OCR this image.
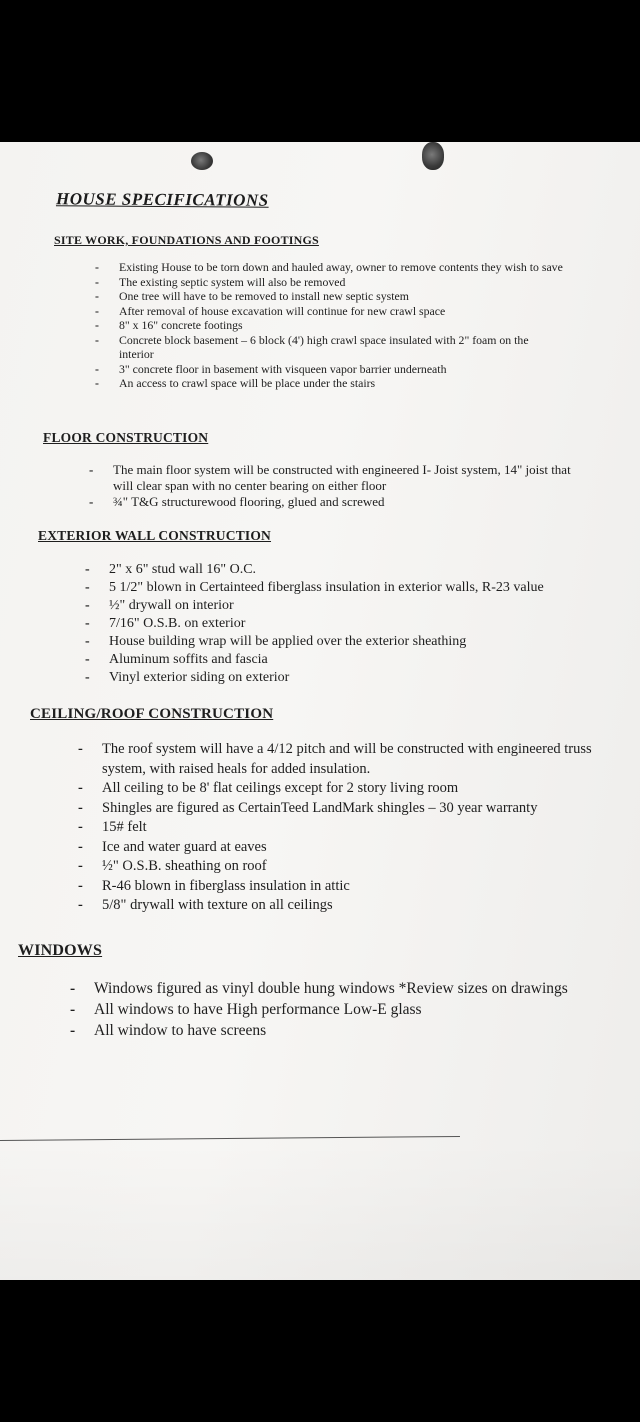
HOUSE SPECIFICATIONS
SITE WORK, FOUNDATIONS AND FOOTINGS
- Existing House to be torn down and hauled away, owner to remove contents they wish to save
- The existing septic system will also be removed
- One tree will have to be removed to install new septic system
- After removal of house excavation will continue for new crawl space
- 8" x 16" concrete footings
- Concrete block basement – 6 block (4') high crawl space insulated with 2" foam on the interior
- 3" concrete floor in basement with visqueen vapor barrier underneath
- An access to crawl space will be place under the stairs
FLOOR CONSTRUCTION
- The main floor system will be constructed with engineered I- Joist system, 14" joist that will clear span with no center bearing on either floor
- ¾" T&G structurewood flooring, glued and screwed
EXTERIOR WALL CONSTRUCTION
- 2" x 6" stud wall 16" O.C.
- 5 1/2" blown in Certainteed fiberglass insulation in exterior walls, R-23 value
- ½" drywall on interior
- 7/16" O.S.B. on exterior
- House building wrap will be applied over the exterior sheathing
- Aluminum soffits and fascia
- Vinyl exterior siding on exterior
CEILING/ROOF CONSTRUCTION
- The roof system will have a 4/12 pitch and will be constructed with engineered truss system, with raised heals for added insulation.
- All ceiling to be 8' flat ceilings except for 2 story living room
- Shingles are figured as CertainTeed LandMark shingles – 30 year warranty
- 15# felt
- Ice and water guard at eaves
- ½" O.S.B. sheathing on roof
- R-46 blown in fiberglass insulation in attic
- 5/8" drywall with texture on all ceilings
WINDOWS
- Windows figured as vinyl double hung windows *Review sizes on drawings
- All windows to have High performance Low-E glass
- All window to have screens
